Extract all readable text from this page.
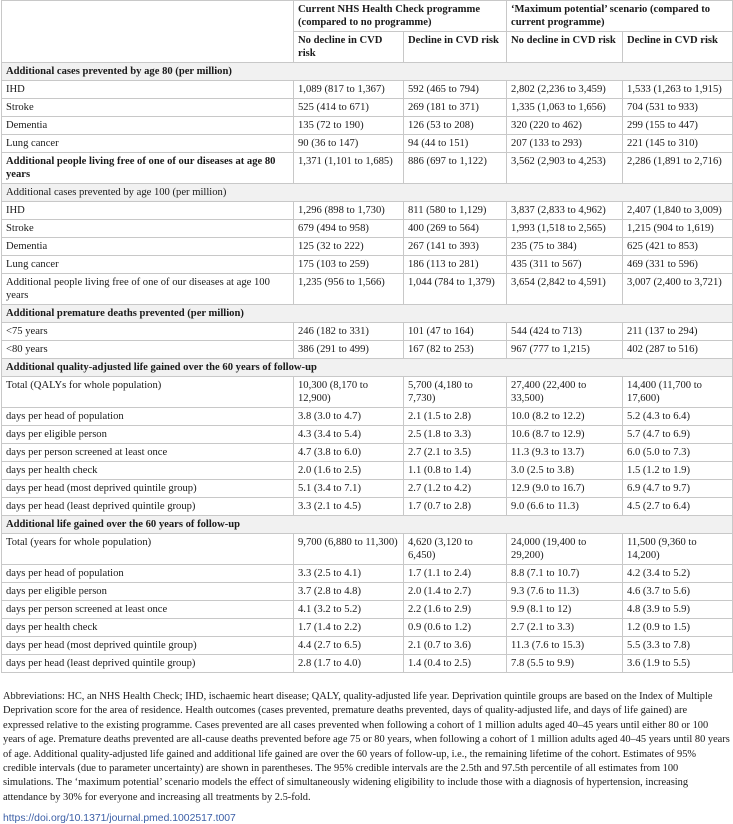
	Current NHS Health Check programme (compared to no programme)		‘Maximum potential’ scenario (compared to current programme)	
	No decline in CVD risk	Decline in CVD risk	No decline in CVD risk	Decline in CVD risk
Additional cases prevented by age 80 (per million)				
IHD	1,089 (817 to 1,367)	592 (465 to 794)	2,802 (2,236 to 3,459)	1,533 (1,263 to 1,915)
Stroke	525 (414 to 671)	269 (181 to 371)	1,335 (1,063 to 1,656)	704 (531 to 933)
Dementia	135 (72 to 190)	126 (53 to 208)	320 (220 to 462)	299 (155 to 447)
Lung cancer	90 (36 to 147)	94 (44 to 151)	207 (133 to 293)	221 (145 to 310)
Additional people living free of one of our diseases at age 80 years	1,371 (1,101 to 1,685)	886 (697 to 1,122)	3,562 (2,903 to 4,253)	2,286 (1,891 to 2,716)
Additional cases prevented by age 100 (per million)				
IHD	1,296 (898 to 1,730)	811 (580 to 1,129)	3,837 (2,833 to 4,962)	2,407 (1,840 to 3,009)
Stroke	679 (494 to 958)	400 (269 to 564)	1,993 (1,518 to 2,565)	1,215 (904 to 1,619)
Dementia	125 (32 to 222)	267 (141 to 393)	235 (75 to 384)	625 (421 to 853)
Lung cancer	175 (103 to 259)	186 (113 to 281)	435 (311 to 567)	469 (331 to 596)
Additional people living free of one of our diseases at age 100 years	1,235 (956 to 1,566)	1,044 (784 to 1,379)	3,654 (2,842 to 4,591)	3,007 (2,400 to 3,721)
Additional premature deaths prevented (per million)				
<75 years	246 (182 to 331)	101 (47 to 164)	544 (424 to 713)	211 (137 to 294)
<80 years	386 (291 to 499)	167 (82 to 253)	967 (777 to 1,215)	402 (287 to 516)
Additional quality-adjusted life gained over the 60 years of follow-up				
Total (QALYs for whole population)	10,300 (8,170 to 12,900)	5,700 (4,180 to 7,730)	27,400 (22,400 to 33,500)	14,400 (11,700 to 17,600)
days per head of population	3.8 (3.0 to 4.7)	2.1 (1.5 to 2.8)	10.0 (8.2 to 12.2)	5.2 (4.3 to 6.4)
days per eligible person	4.3 (3.4 to 5.4)	2.5 (1.8 to 3.3)	10.6 (8.7 to 12.9)	5.7 (4.7 to 6.9)
days per person screened at least once	4.7 (3.8 to 6.0)	2.7 (2.1 to 3.5)	11.3 (9.3 to 13.7)	6.0 (5.0 to 7.3)
days per health check	2.0 (1.6 to 2.5)	1.1 (0.8 to 1.4)	3.0 (2.5 to 3.8)	1.5 (1.2 to 1.9)
days per head (most deprived quintile group)	5.1 (3.4 to 7.1)	2.7 (1.2 to 4.2)	12.9 (9.0 to 16.7)	6.9 (4.7 to 9.7)
days per head (least deprived quintile group)	3.3 (2.1 to 4.5)	1.7 (0.7 to 2.8)	9.0 (6.6 to 11.3)	4.5 (2.7 to 6.4)
Additional life gained over the 60 years of follow-up				
Total (years for whole population)	9,700 (6,880 to 11,300)	4,620 (3,120 to 6,450)	24,000 (19,400 to 29,200)	11,500 (9,360 to 14,200)
days per head of population	3.3 (2.5 to 4.1)	1.7 (1.1 to 2.4)	8.8 (7.1 to 10.7)	4.2 (3.4 to 5.2)
days per eligible person	3.7 (2.8 to 4.8)	2.0 (1.4 to 2.7)	9.3 (7.6 to 11.3)	4.6 (3.7 to 5.6)
days per person screened at least once	4.1 (3.2 to 5.2)	2.2 (1.6 to 2.9)	9.9 (8.1 to 12)	4.8 (3.9 to 5.9)
days per health check	1.7 (1.4 to 2.2)	0.9 (0.6 to 1.2)	2.7 (2.1 to 3.3)	1.2 (0.9 to 1.5)
days per head (most deprived quintile group)	4.4 (2.7 to 6.5)	2.1 (0.7 to 3.6)	11.3 (7.6 to 15.3)	5.5 (3.3 to 7.8)
days per head (least deprived quintile group)	2.8 (1.7 to 4.0)	1.4 (0.4 to 2.5)	7.8 (5.5 to 9.9)	3.6 (1.9 to 5.5)
Abbreviations: HC, an NHS Health Check; IHD, ischaemic heart disease; QALY, quality-adjusted life year. Deprivation quintile groups are based on the Index of Multiple Deprivation score for the area of residence. Health outcomes (cases prevented, premature deaths prevented, days of quality-adjusted life, and days of life gained) are expressed relative to the existing programme. Cases prevented are all cases prevented when following a cohort of 1 million adults aged 40–45 years until either 80 or 100 years of age. Premature deaths prevented are all-cause deaths prevented before age 75 or 80 years, when following a cohort of 1 million adults aged 40–45 years until 80 years of age. Additional quality-adjusted life gained and additional life gained are over the 60 years of follow-up, i.e., the remaining lifetime of the cohort. Estimates of 95% credible intervals (due to parameter uncertainty) are shown in parentheses. The 95% credible intervals are the 2.5th and 97.5th percentile of all estimates from 100 simulations. The ‘maximum potential’ scenario models the effect of simultaneously widening eligibility to include those with a diagnosis of hypertension, increasing attendance by 30% for everyone and increasing all treatments by 2.5-fold.
https://doi.org/10.1371/journal.pmed.1002517.t007
